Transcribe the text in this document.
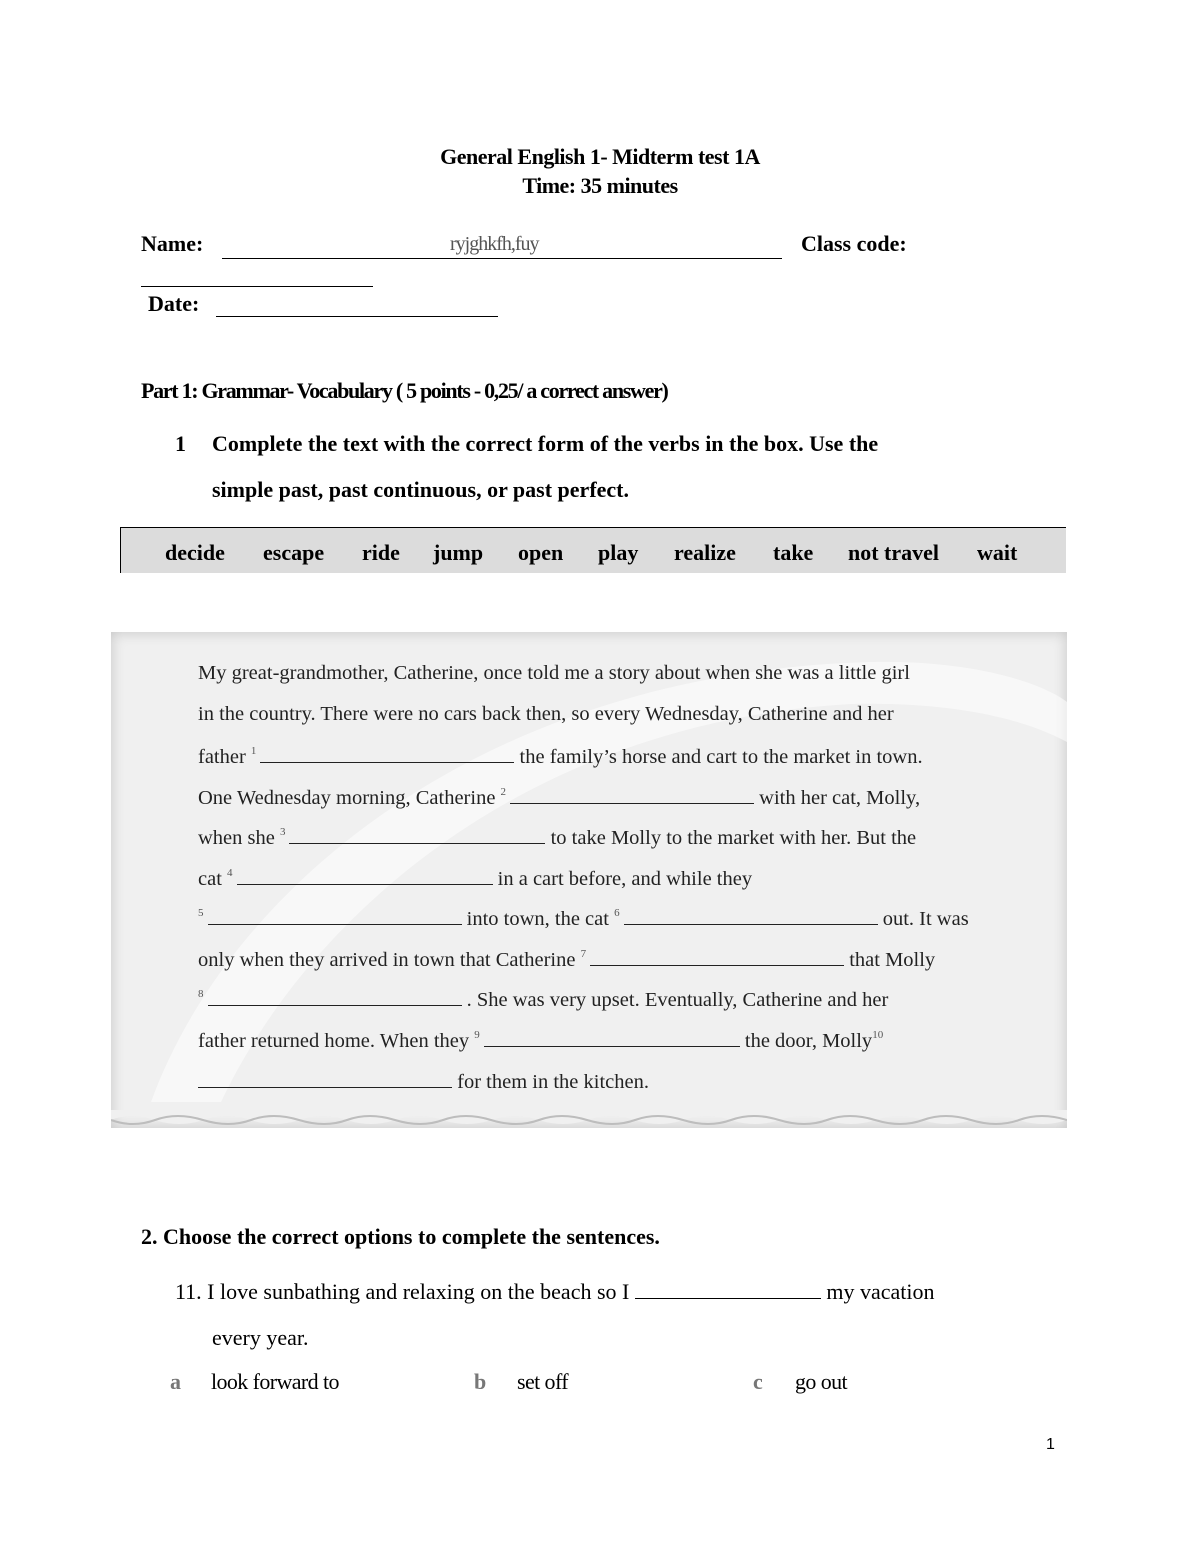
General English 1- Midterm test 1A
Time: 35 minutes
Name:	ryjghkfh,fuy	Class code:
Date:
Part 1: Grammar- Vocabulary ( 5 points - 0,25/ a correct answer)
1 Complete the text with the correct form of the verbs in the box. Use the
simple past, past continuous, or past perfect.
decide escape ride jump open play realize take not travel wait
My great-grandmother, Catherine, once told me a story about when she was a little girl
in the country. There were no cars back then, so every Wednesday, Catherine and her
father $^1$	the family’s horse and cart to the market in town.
One Wednesday morning, Catherine $^2$	with her cat, Molly,
when she $^3$	to take Molly to the market with her. But the
cat $^4$	in a cart before, and while they
$^5$	into town, the cat $^6$	out. It was
only when they arrived in town that Catherine $^7$	that Molly
$^8$	. She was very upset. Eventually, Catherine and her
father returned home. When they $^9$	the door, Molly$^{10}$
for them in the kitchen.
2. Choose the correct options to complete the sentences.
11. I love sunbathing and relaxing on the beach so I	my vacation
every year.
a look forward to	b set off	c go out
1
